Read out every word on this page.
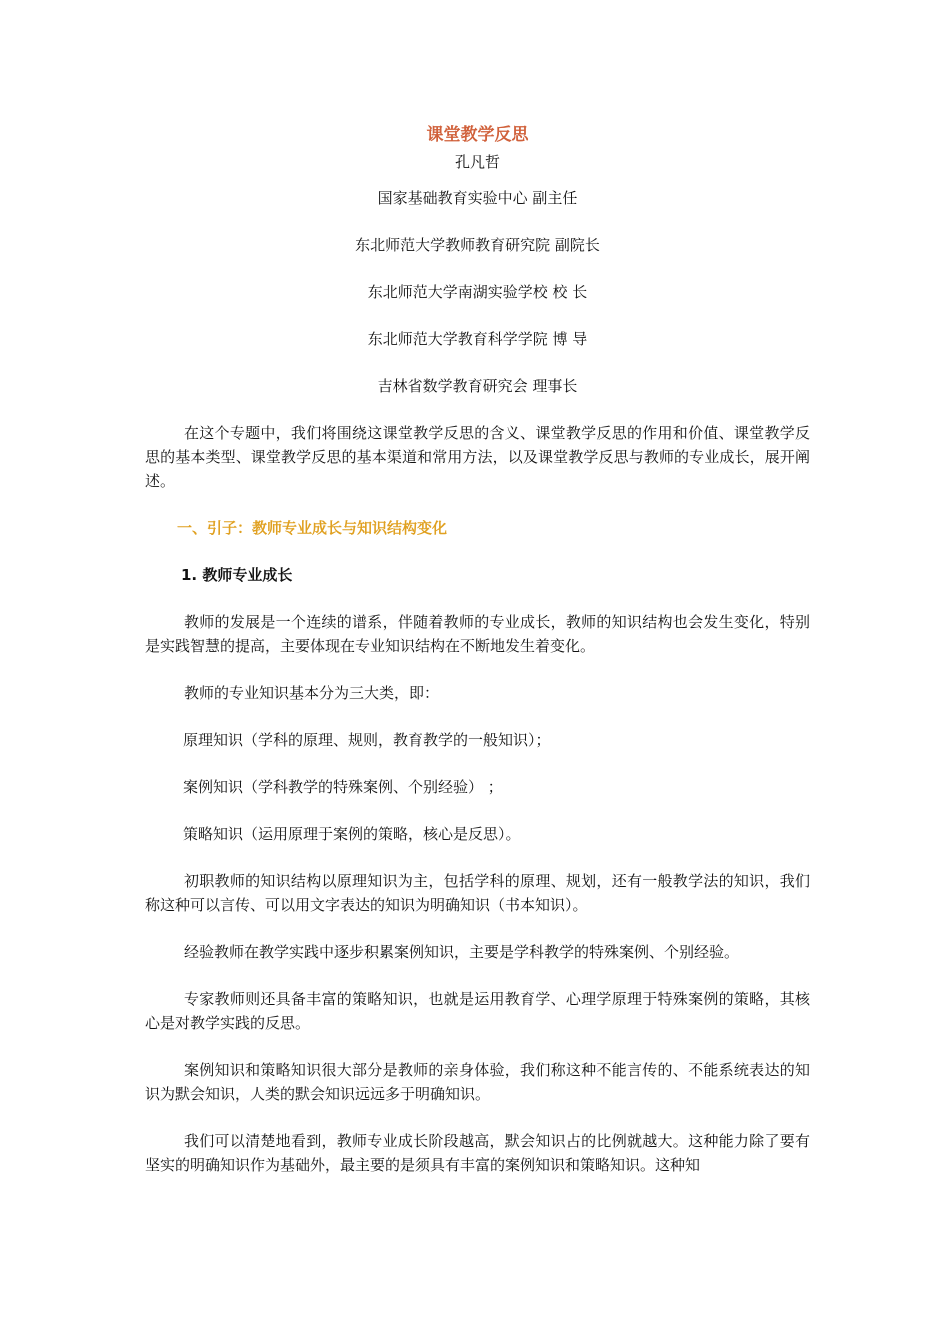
课堂教学反思

孔凡哲

国家基础教育实验中心 副主任

东北师范大学教师教育研究院 副院长

东北师范大学南湖实验学校 校 长

东北师范大学教育科学学院 博 导

吉林省数学教育研究会 理事长

在这个专题中，我们将围绕这课堂教学反思的含义、课堂教学反思的作用和价值、课堂教学反思的基本类型、课堂教学反思的基本渠道和常用方法，以及课堂教学反思与教师的专业成长，展开阐述。

一、引子：教师专业成长与知识结构变化

1. 教师专业成长

教师的发展是一个连续的谱系，伴随着教师的专业成长，教师的知识结构也会发生变化，特别是实践智慧的提高，主要体现在专业知识结构在不断地发生着变化。

教师的专业知识基本分为三大类，即：

原理知识（学科的原理、规则，教育教学的一般知识）；

案例知识（学科教学的特殊案例、个别经验） ；

策略知识（运用原理于案例的策略，核心是反思）。

初职教师的知识结构以原理知识为主，包括学科的原理、规划，还有一般教学法的知识，我们称这种可以言传、可以用文字表达的知识为明确知识（书本知识）。

经验教师在教学实践中逐步积累案例知识，主要是学科教学的特殊案例、个别经验。

专家教师则还具备丰富的策略知识，也就是运用教育学、心理学原理于特殊案例的策略，其核心是对教学实践的反思。

案例知识和策略知识很大部分是教师的亲身体验，我们称这种不能言传的、不能系统表达的知识为默会知识，人类的默会知识远远多于明确知识。

我们可以清楚地看到，教师专业成长阶段越高，默会知识占的比例就越大。这种能力除了要有坚实的明确知识作为基础外，最主要的是须具有丰富的案例知识和策略知识。这种知
